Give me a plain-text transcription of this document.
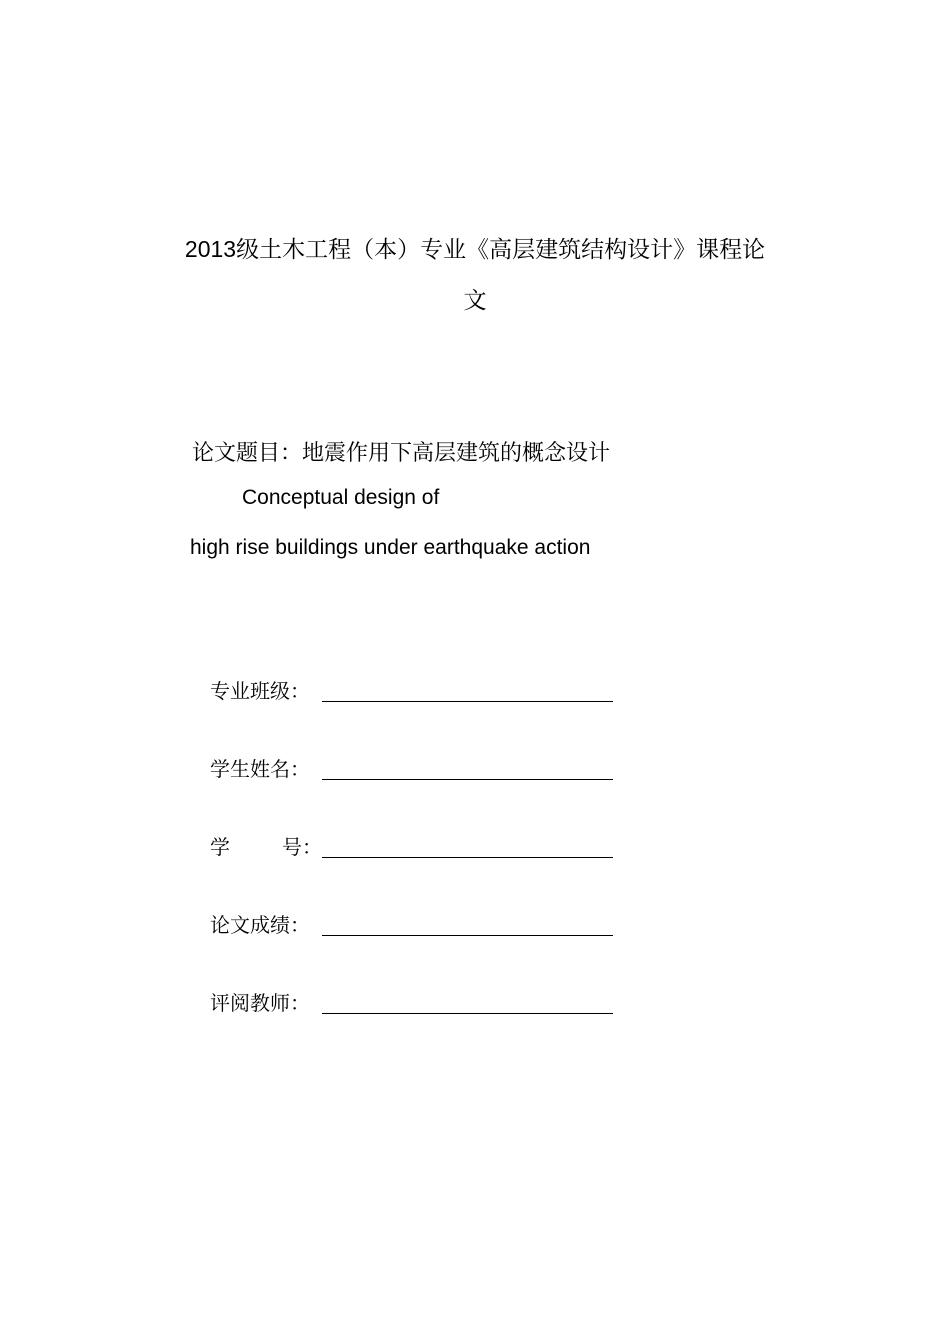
2013级土木工程（本）专业《高层建筑结构设计》课程论
文
论文题目：地震作用下高层建筑的概念设计
Conceptual design of
high rise buildings under earthquake action
专业班级：
学生姓名：
学	号：
论文成绩：
评阅教师：
